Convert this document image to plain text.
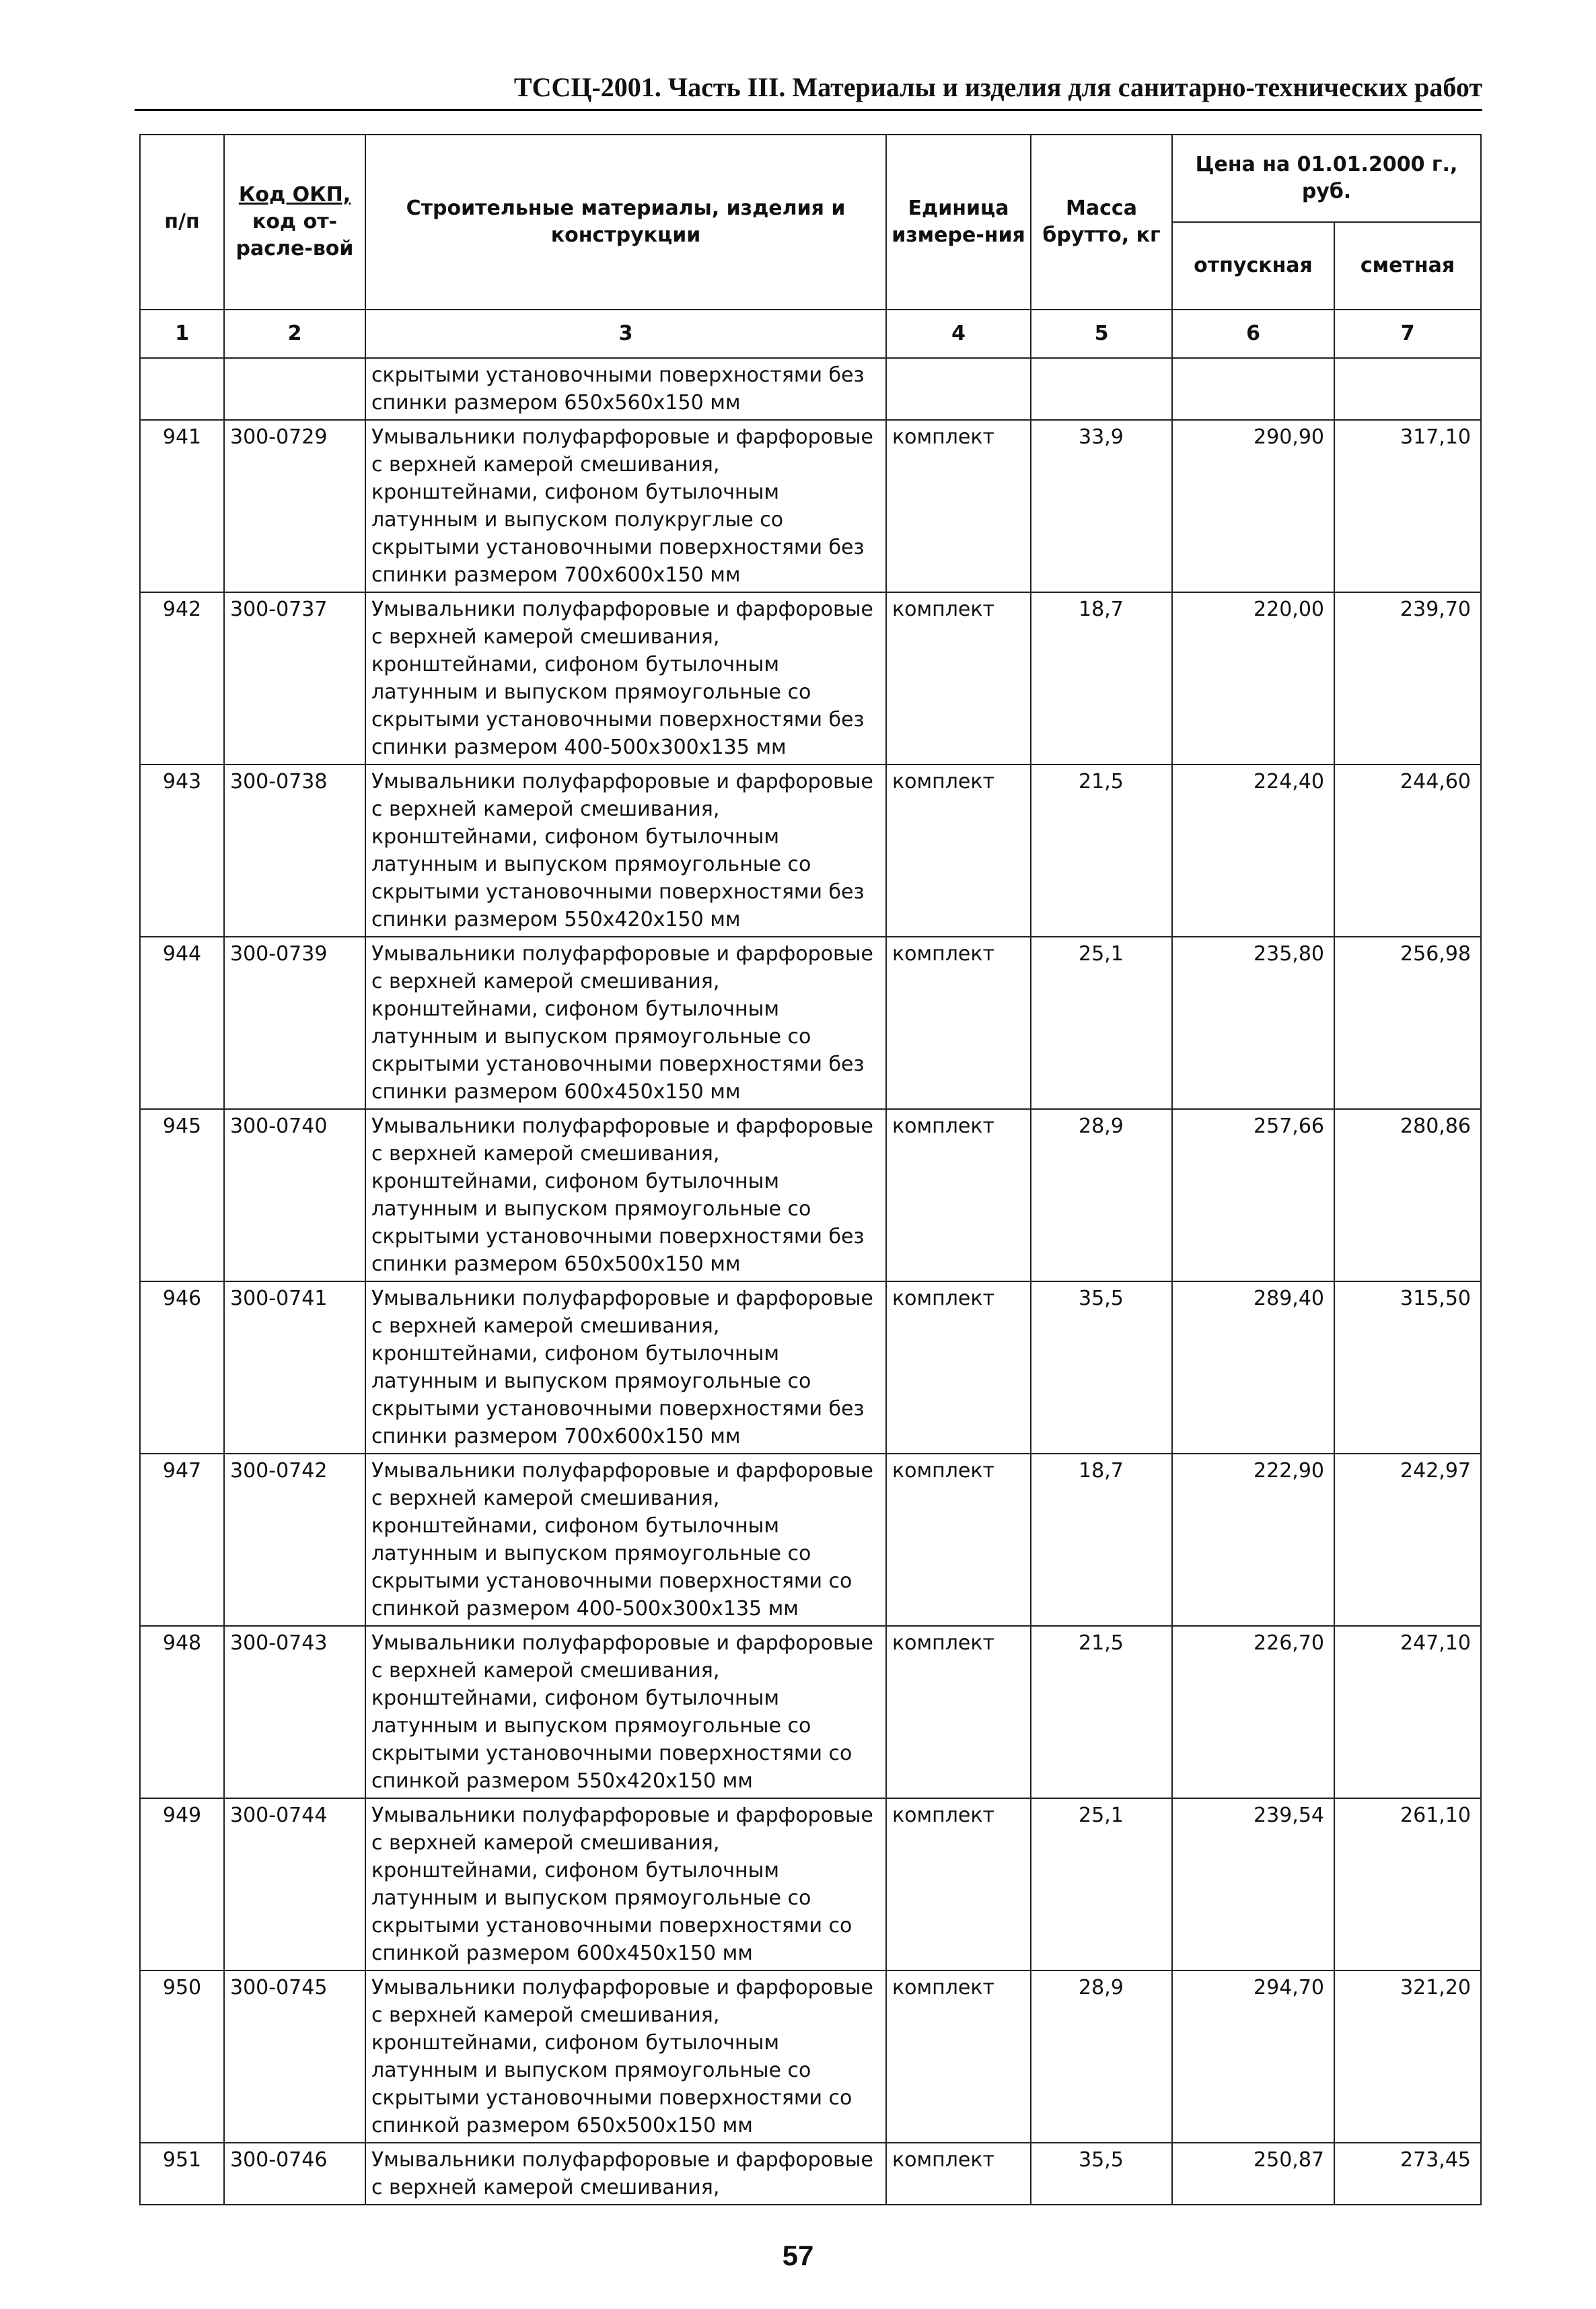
ТССЦ-2001. Часть III. Материалы и изделия для санитарно-технических работ
п/п	Код ОКП, код от-расле-вой	Строительные материалы, изделия и конструкции	Единица измере-ния	Масса брутто, кг	Цена на 01.01.2000 г., руб.	
					отпускная	сметная
1	2	3	4	5	6	7
		скрытыми установочными поверхностями без спинки размером 650х560х150 мм				
941	300-0729	Умывальники полуфарфоровые и фарфоровые с верхней камерой смешивания, кронштейнами, сифоном бутылочным латунным и выпуском полукруглые со скрытыми установочными поверхностями без спинки размером 700х600х150 мм	комплект	33,9	290,90	317,10
942	300-0737	Умывальники полуфарфоровые и фарфоровые с верхней камерой смешивания, кронштейнами, сифоном бутылочным латунным и выпуском прямоугольные со скрытыми установочными поверхностями без спинки размером 400-500х300х135 мм	комплект	18,7	220,00	239,70
943	300-0738	Умывальники полуфарфоровые и фарфоровые с верхней камерой смешивания, кронштейнами, сифоном бутылочным латунным и выпуском прямоугольные со скрытыми установочными поверхностями без спинки размером 550х420х150 мм	комплект	21,5	224,40	244,60
944	300-0739	Умывальники полуфарфоровые и фарфоровые с верхней камерой смешивания, кронштейнами, сифоном бутылочным латунным и выпуском прямоугольные со скрытыми установочными поверхностями без спинки размером 600х450х150 мм	комплект	25,1	235,80	256,98
945	300-0740	Умывальники полуфарфоровые и фарфоровые с верхней камерой смешивания, кронштейнами, сифоном бутылочным латунным и выпуском прямоугольные со скрытыми установочными поверхностями без спинки размером 650х500х150 мм	комплект	28,9	257,66	280,86
946	300-0741	Умывальники полуфарфоровые и фарфоровые с верхней камерой смешивания, кронштейнами, сифоном бутылочным латунным и выпуском прямоугольные со скрытыми установочными поверхностями без спинки размером 700х600х150 мм	комплект	35,5	289,40	315,50
947	300-0742	Умывальники полуфарфоровые и фарфоровые с верхней камерой смешивания, кронштейнами, сифоном бутылочным латунным и выпуском прямоугольные со скрытыми установочными поверхностями со спинкой размером 400-500х300х135 мм	комплект	18,7	222,90	242,97
948	300-0743	Умывальники полуфарфоровые и фарфоровые с верхней камерой смешивания, кронштейнами, сифоном бутылочным латунным и выпуском прямоугольные со скрытыми установочными поверхностями со спинкой размером 550х420х150 мм	комплект	21,5	226,70	247,10
949	300-0744	Умывальники полуфарфоровые и фарфоровые с верхней камерой смешивания, кронштейнами, сифоном бутылочным латунным и выпуском прямоугольные со скрытыми установочными поверхностями со спинкой размером 600х450х150 мм	комплект	25,1	239,54	261,10
950	300-0745	Умывальники полуфарфоровые и фарфоровые с верхней камерой смешивания, кронштейнами, сифоном бутылочным латунным и выпуском прямоугольные со скрытыми установочными поверхностями со спинкой размером 650х500х150 мм	комплект	28,9	294,70	321,20
951	300-0746	Умывальники полуфарфоровые и фарфоровые с верхней камерой смешивания,	комплект	35,5	250,87	273,45
57
